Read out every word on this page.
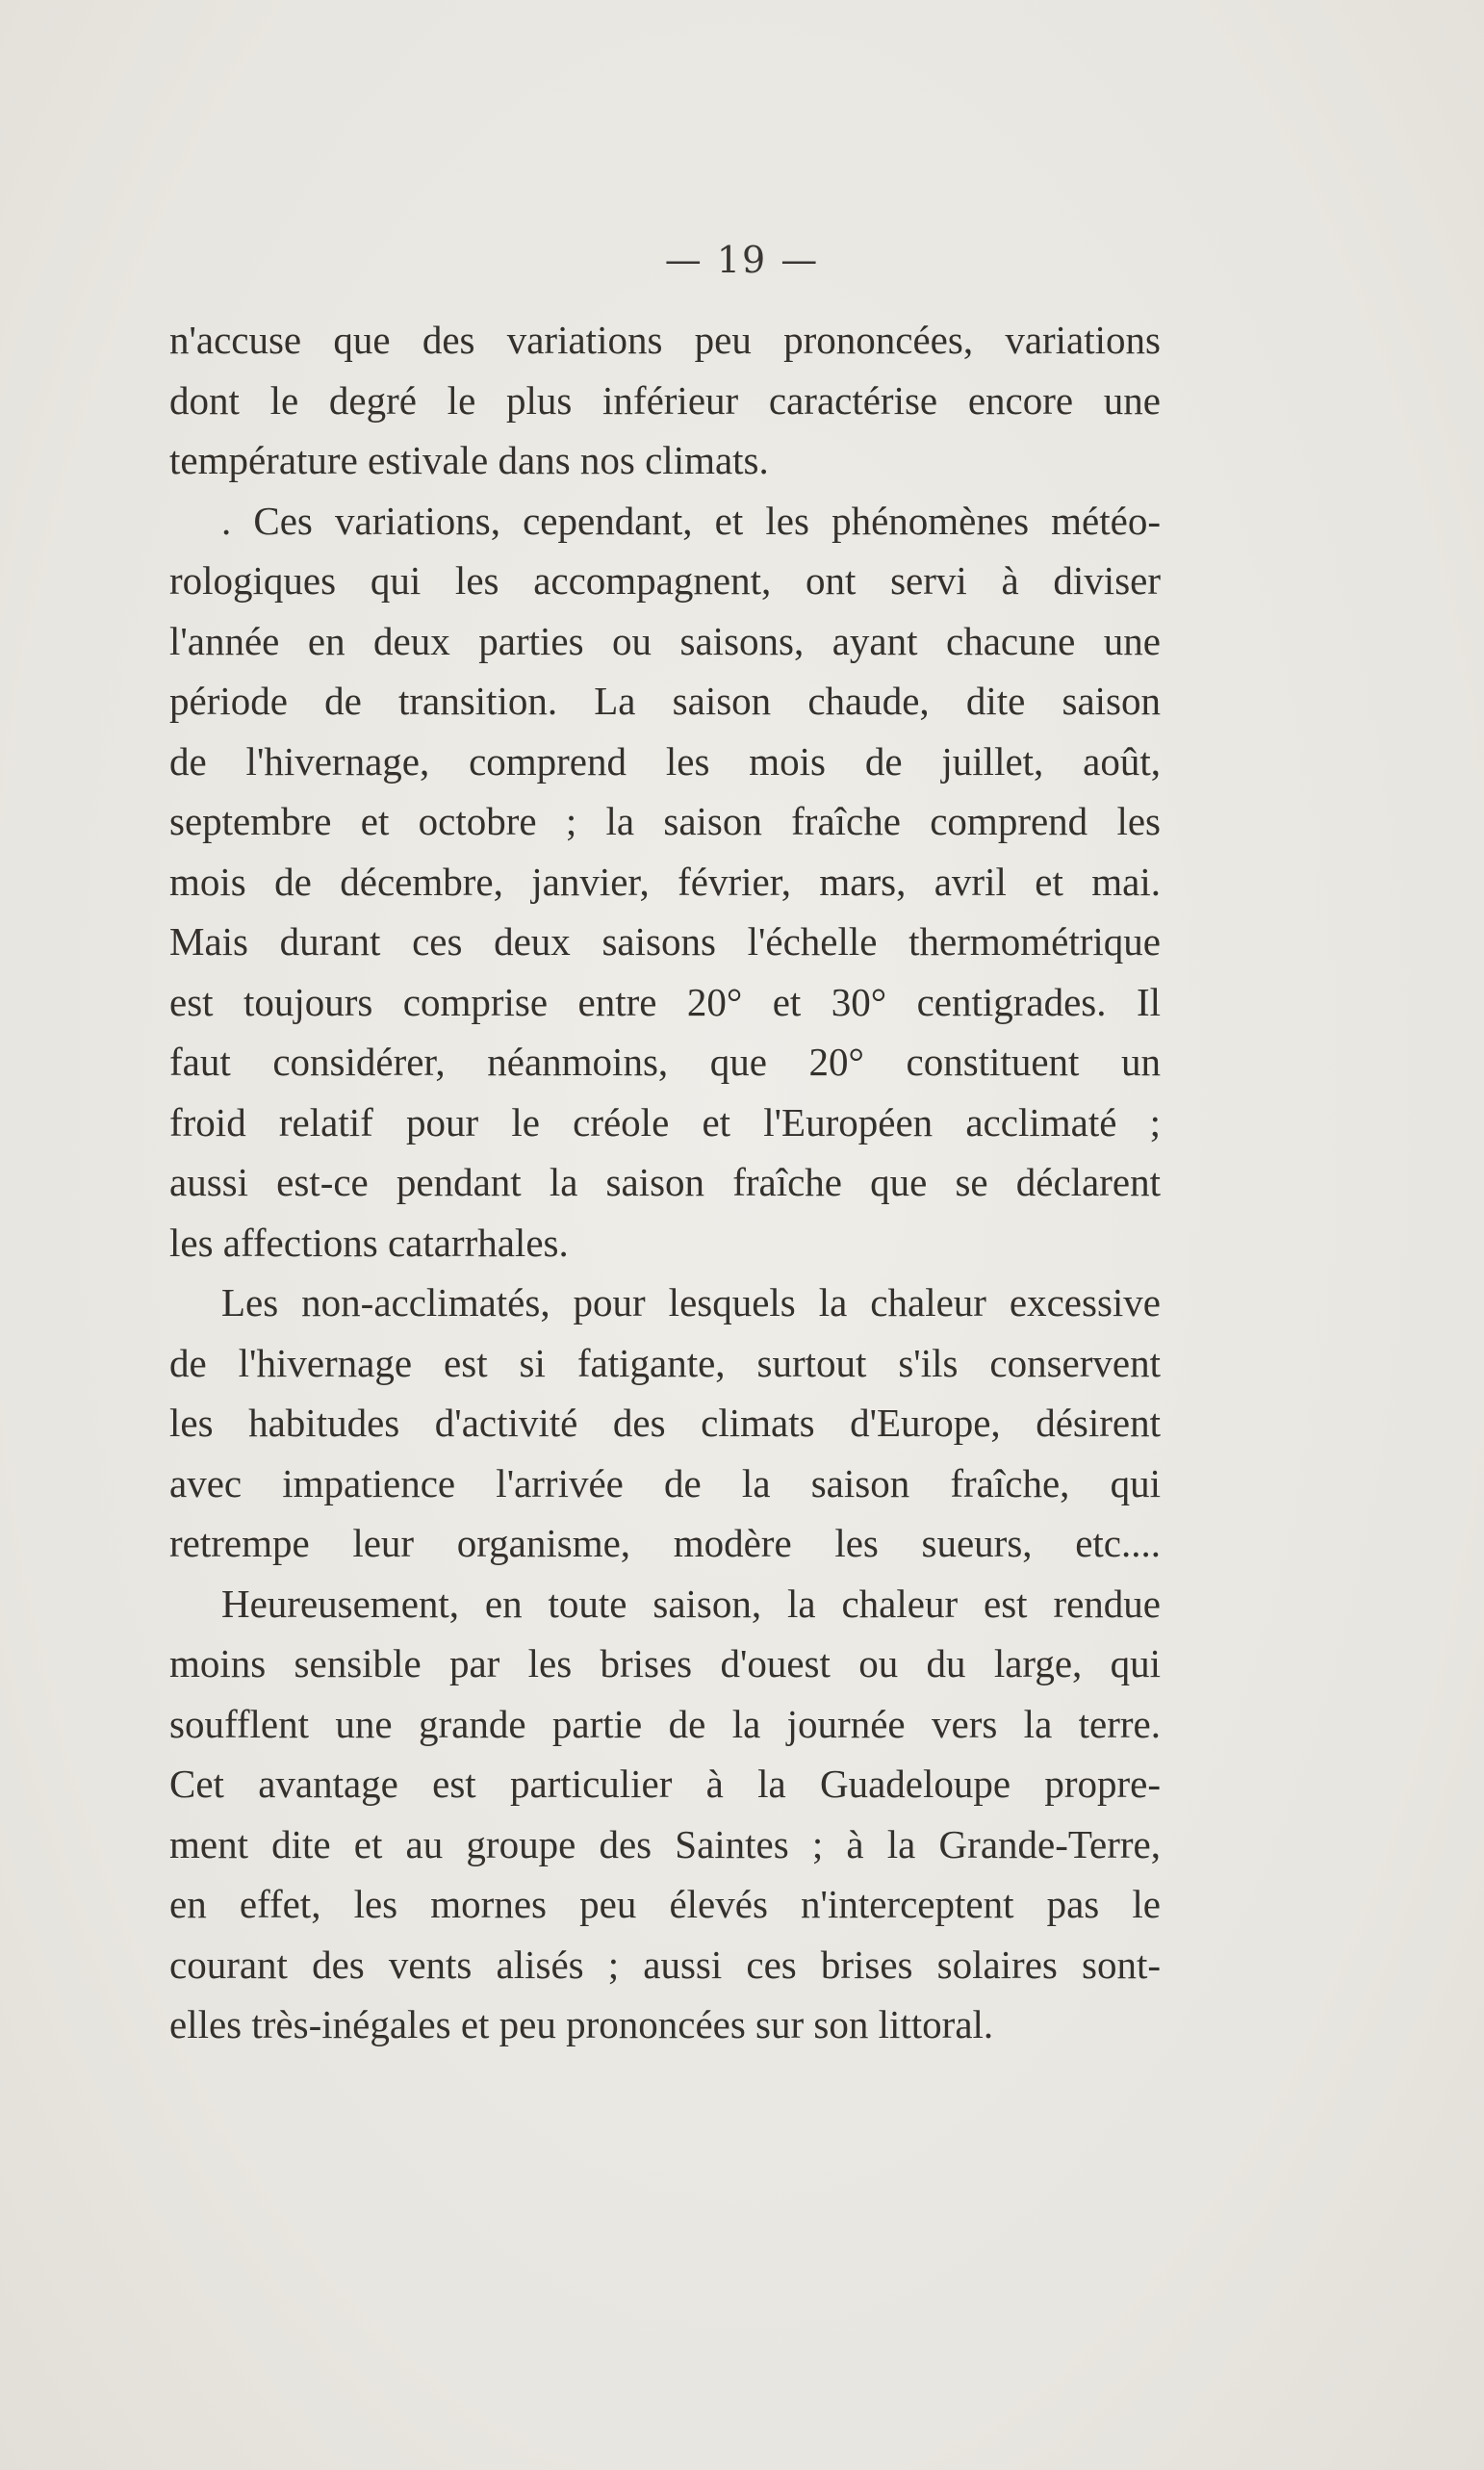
— 19 —
n'accuse que des variations peu prononcées, variations
dont le degré le plus inférieur caractérise encore une
température estivale dans nos climats.
. Ces variations, cependant, et les phénomènes météo-
rologiques qui les accompagnent, ont servi à diviser
l'année en deux parties ou saisons, ayant chacune une
période de transition. La saison chaude, dite saison
de l'hivernage, comprend les mois de juillet, août,
septembre et octobre ; la saison fraîche comprend les
mois de décembre, janvier, février, mars, avril et mai.
Mais durant ces deux saisons l'échelle thermométrique
est toujours comprise entre 20° et 30° centigrades. Il
faut considérer, néanmoins, que 20° constituent un
froid relatif pour le créole et l'Européen acclimaté ;
aussi est-ce pendant la saison fraîche que se déclarent
les affections catarrhales.
Les non-acclimatés, pour lesquels la chaleur excessive
de l'hivernage est si fatigante, surtout s'ils conservent
les habitudes d'activité des climats d'Europe, désirent
avec impatience l'arrivée de la saison fraîche, qui
retrempe leur organisme, modère les sueurs, etc....
Heureusement, en toute saison, la chaleur est rendue
moins sensible par les brises d'ouest ou du large, qui
soufflent une grande partie de la journée vers la terre.
Cet avantage est particulier à la Guadeloupe propre-
ment dite et au groupe des Saintes ; à la Grande-Terre,
en effet, les mornes peu élevés n'interceptent pas le
courant des vents alisés ; aussi ces brises solaires sont-
elles très-inégales et peu prononcées sur son littoral.
